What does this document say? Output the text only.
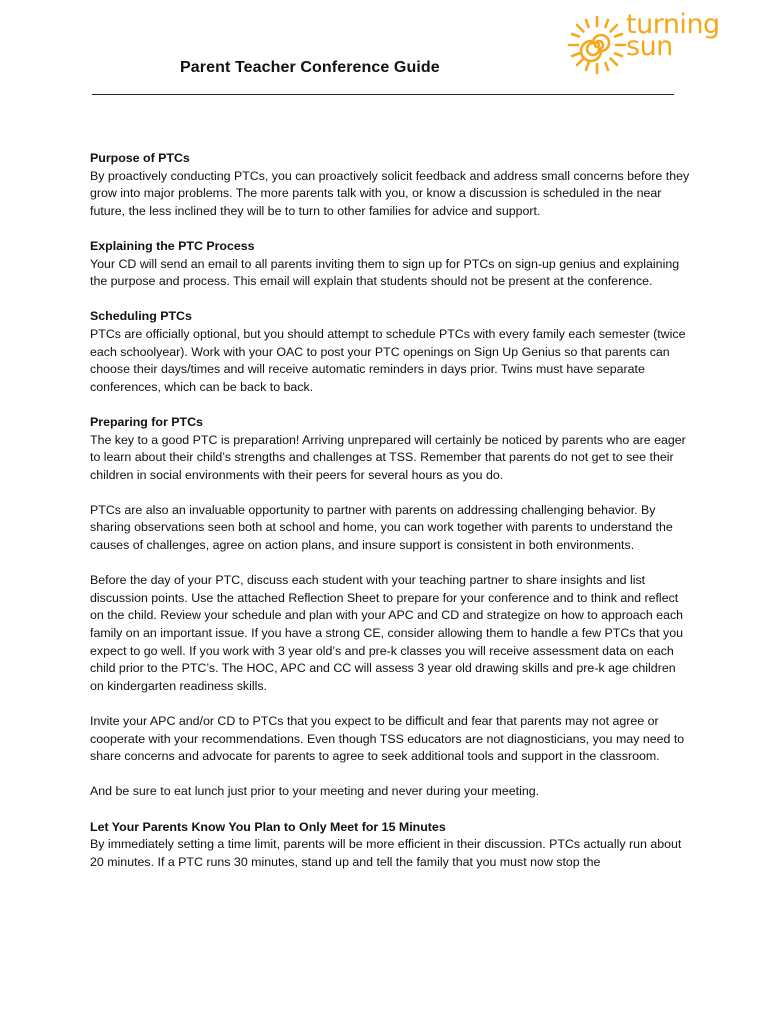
turning
sun
Parent Teacher Conference Guide
Purpose of PTCs

By proactively conducting PTCs, you can proactively solicit feedback and address small concerns before they grow into major problems. The more parents talk with you, or know a discussion is scheduled in the near future, the less inclined they will be to turn to other families for advice and support.

Explaining the PTC Process

Your CD will send an email to all parents inviting them to sign up for PTCs on sign-up genius and explaining the purpose and process. This email will explain that students should not be present at the conference.

Scheduling PTCs

PTCs are officially optional, but you should attempt to schedule PTCs with every family each semester (twice each schoolyear). Work with your OAC to post your PTC openings on Sign Up Genius so that parents can choose their days/times and will receive automatic reminders in days prior. Twins must have separate conferences, which can be back to back.

Preparing for PTCs

The key to a good PTC is preparation! Arriving unprepared will certainly be noticed by parents who are eager to learn about their child’s strengths and challenges at TSS. Remember that parents do not get to see their children in social environments with their peers for several hours as you do.

PTCs are also an invaluable opportunity to partner with parents on addressing challenging behavior. By sharing observations seen both at school and home, you can work together with parents to understand the causes of challenges, agree on action plans, and insure support is consistent in both environments.

Before the day of your PTC, discuss each student with your teaching partner to share insights and list discussion points. Use the attached Reflection Sheet to prepare for your conference and to think and reflect on the child. Review your schedule and plan with your APC and CD and strategize on how to approach each family on an important issue. If you have a strong CE, consider allowing them to handle a few PTCs that you expect to go well. If you work with 3 year old’s and pre-k classes you will receive assessment data on each child prior to the PTC’s. The HOC, APC and CC will assess 3 year old drawing skills and pre-k age children on kindergarten readiness skills.

Invite your APC and/or CD to PTCs that you expect to be difficult and fear that parents may not agree or cooperate with your recommendations. Even though TSS educators are not diagnosticians, you may need to share concerns and advocate for parents to agree to seek additional tools and support in the classroom.

And be sure to eat lunch just prior to your meeting and never during your meeting.

Let Your Parents Know You Plan to Only Meet for 15 Minutes

By immediately setting a time limit, parents will be more efficient in their discussion. PTCs actually run about 20 minutes. If a PTC runs 30 minutes, stand up and tell the family that you must now stop the
